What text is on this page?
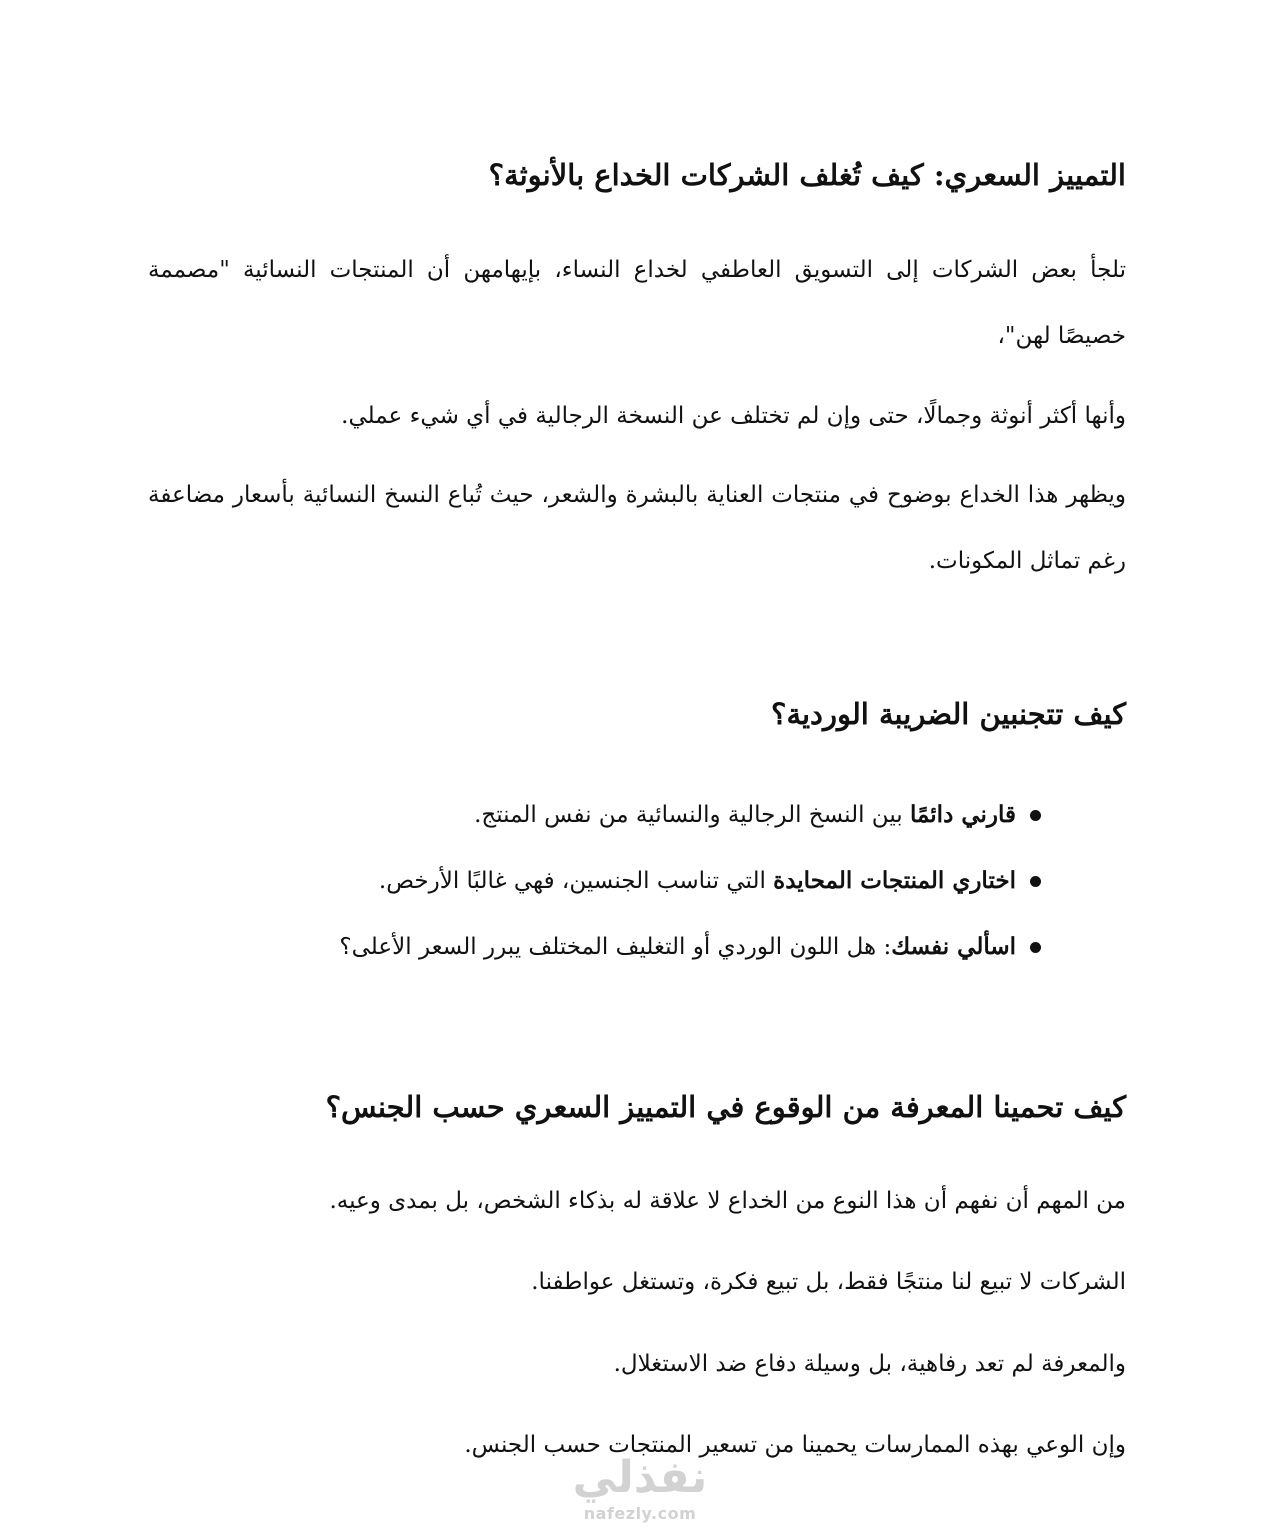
التمييز السعري: كيف تُغلف الشركات الخداع بالأنوثة؟

تلجأ بعض الشركات إلى التسويق العاطفي لخداع النساء، بإيهامهن أن المنتجات النسائية "مصممة خصيصًا لهن"،

وأنها أكثر أنوثة وجمالًا، حتى وإن لم تختلف عن النسخة الرجالية في أي شيء عملي.

ويظهر هذا الخداع بوضوح في منتجات العناية بالبشرة والشعر، حيث تُباع النسخ النسائية بأسعار مضاعفة رغم تماثل المكونات.

كيف تتجنبين الضريبة الوردية؟
قارني دائمًا بين النسخ الرجالية والنسائية من نفس المنتج.
اختاري المنتجات المحايدة التي تناسب الجنسين، فهي غالبًا الأرخص.
اسألي نفسك: هل اللون الوردي أو التغليف المختلف يبرر السعر الأعلى؟
كيف تحمينا المعرفة من الوقوع في التمييز السعري حسب الجنس؟

من المهم أن نفهم أن هذا النوع من الخداع لا علاقة له بذكاء الشخص، بل بمدى وعيه.

الشركات لا تبيع لنا منتجًا فقط، بل تبيع فكرة، وتستغل عواطفنا.

والمعرفة لم تعد رفاهية، بل وسيلة دفاع ضد الاستغلال.

وإن الوعي بهذه الممارسات يحمينا من تسعير المنتجات حسب الجنس.

نفذلي
nafezly.com
